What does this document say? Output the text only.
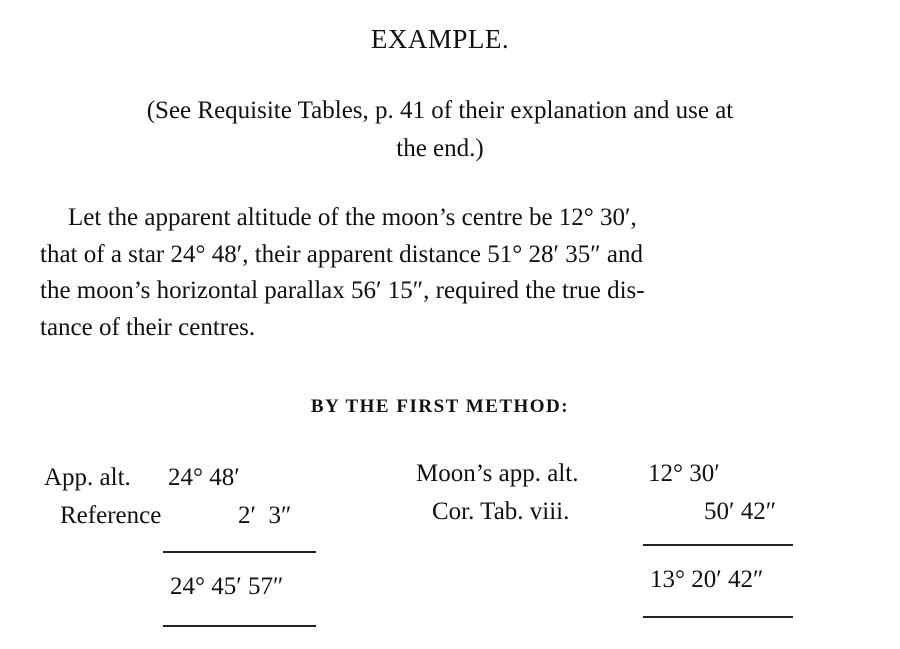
EXAMPLE.
(See Requisite Tables, p. 41 of their explanation and use at
the end.)
Let the apparent altitude of the moon’s centre be 12° 30′,
that of a star 24° 48′, their apparent distance 51° 28′ 35″ and
the moon’s horizontal parallax 56′ 15″, required the true dis-
tance of their centres.
BY THE FIRST METHOD:
App. alt. 24° 48′
Reference	2′  3″
24° 45′ 57″
Moon’s app. alt.	12° 30′
Cor. Tab. viii.	50′ 42″
13° 20′ 42″
